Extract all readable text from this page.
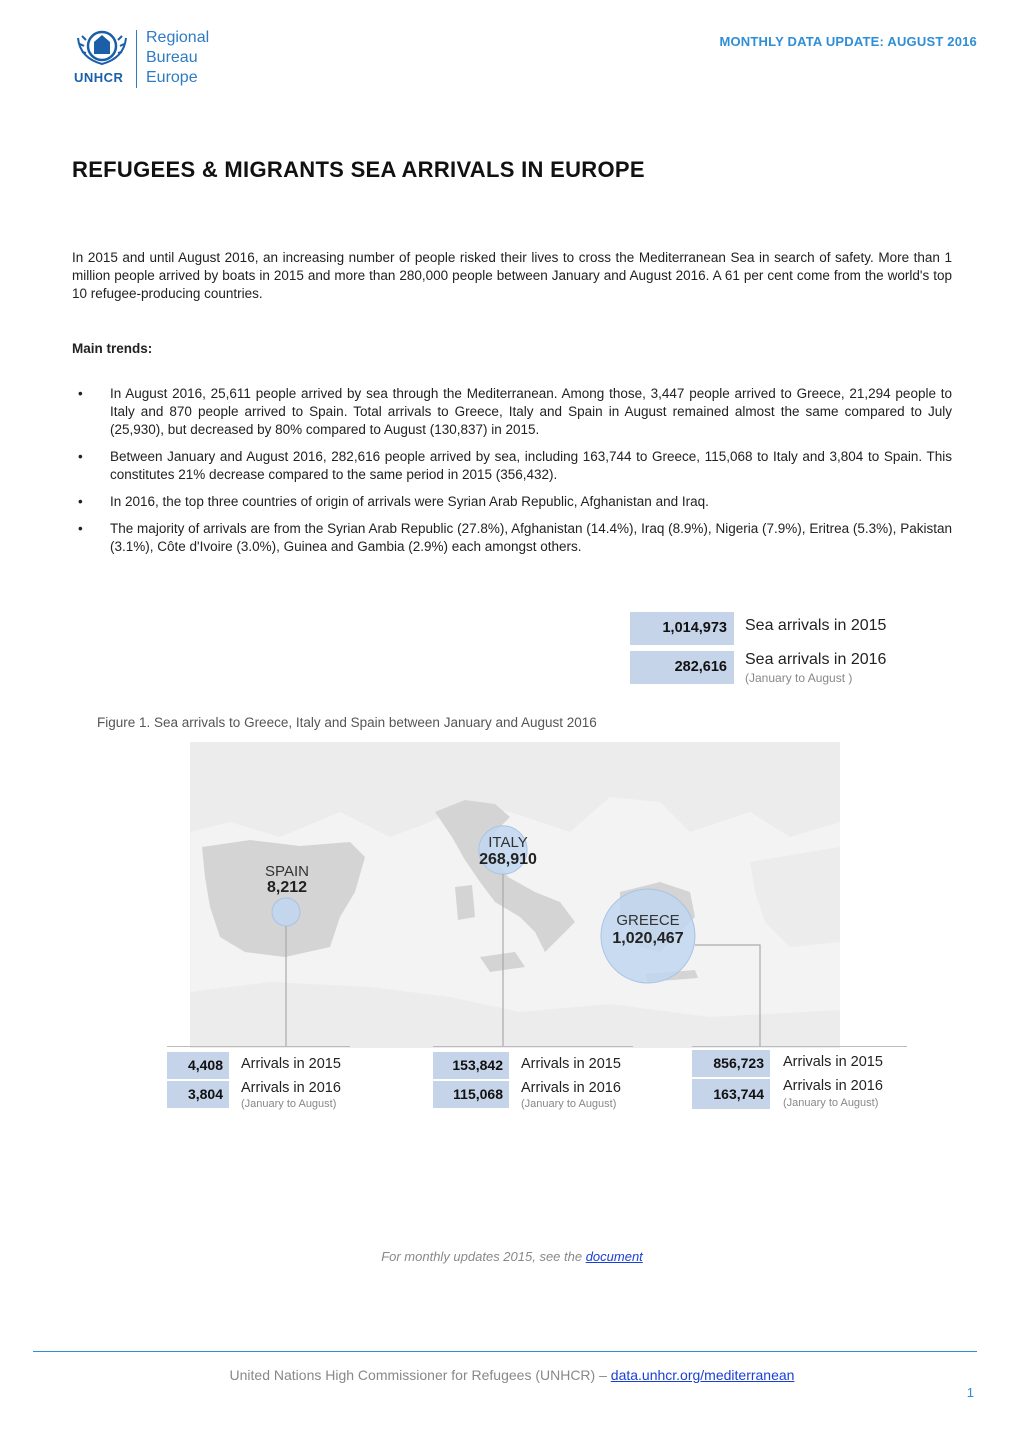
UNHCR
Regional
Bureau
Europe
MONTHLY DATA UPDATE: AUGUST 2016
REFUGEES & MIGRANTS SEA ARRIVALS IN EUROPE
In 2015 and until August 2016, an increasing number of people risked their lives to cross the Mediterranean Sea in search of safety. More than 1 million people arrived by boats in 2015 and more than 280,000 people between January and August 2016. A 61 per cent come from the world's top 10 refugee-producing countries.
Main trends:
• In August 2016, 25,611 people arrived by sea through the Mediterranean. Among those, 3,447 people arrived to Greece, 21,294 people to Italy and 870 people arrived to Spain. Total arrivals to Greece, Italy and Spain in August remained almost the same compared to July (25,930), but decreased by 80% compared to August (130,837) in 2015.
• Between January and August 2016, 282,616 people arrived by sea, including 163,744 to Greece, 115,068 to Italy and 3,804 to Spain. This constitutes 21% decrease compared to the same period in 2015 (356,432).
• In 2016, the top three countries of origin of arrivals were Syrian Arab Republic, Afghanistan and Iraq.
• The majority of arrivals are from the Syrian Arab Republic (27.8%), Afghanistan (14.4%), Iraq (8.9%), Nigeria (7.9%), Eritrea (5.3%), Pakistan (3.1%), Côte d'Ivoire (3.0%), Guinea and Gambia (2.9%) each amongst others.
1,014,973	Sea arrivals in 2015
282,616	Sea arrivals in 2016
(January to August )
Figure 1. Sea arrivals to Greece, Italy and Spain between January and August 2016
SPAIN
8,212
ITALY
268,910
GREECE
1,020,467
4,408	Arrivals in 2015
3,804	Arrivals in 2016
(January to August)
153,842	Arrivals in 2015
115,068	Arrivals in 2016
(January to August)
856,723	Arrivals in 2015
163,744	Arrivals in 2016
(January to August)
For monthly updates 2015, see the document
United Nations High Commissioner for Refugees (UNHCR) – data.unhcr.org/mediterranean
1
